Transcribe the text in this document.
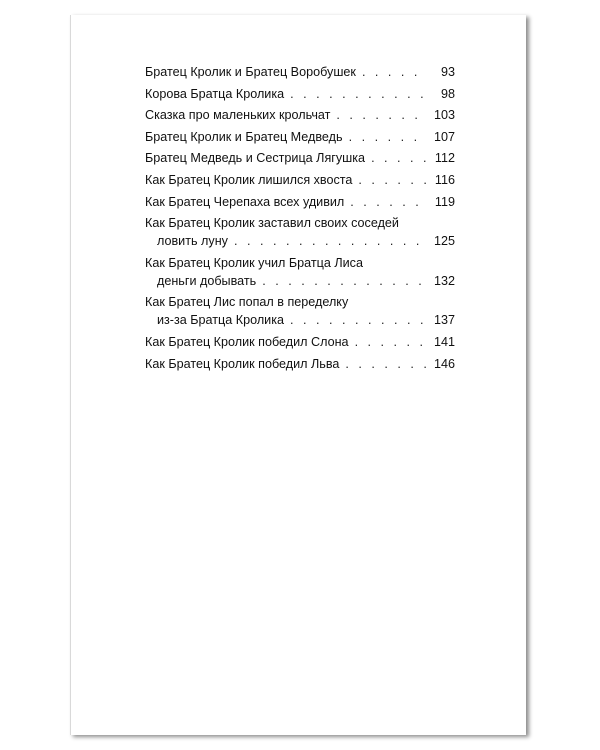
Братец Кролик и Братец Воробушек . . .	93
Корова Братца Кролика . . .	98
Сказка про маленьких крольчат . . .	103
Братец Кролик и Братец Медведь . . .	107
Братец Медведь и Сестрица Лягушка . . .	112
Как Братец Кролик лишился хвоста . . .	116
Как Братец Черепаха всех удивил . . .	119
Как Братец Кролик заставил своих соседей
ловить луну . . .	125
Как Братец Кролик учил Братца Лиса
деньги добывать . . .	132
Как Братец Лис попал в переделку
из-за Братца Кролика . . .	137
Как Братец Кролик победил Слона . . .	141
Как Братец Кролик победил Льва . . .	146
